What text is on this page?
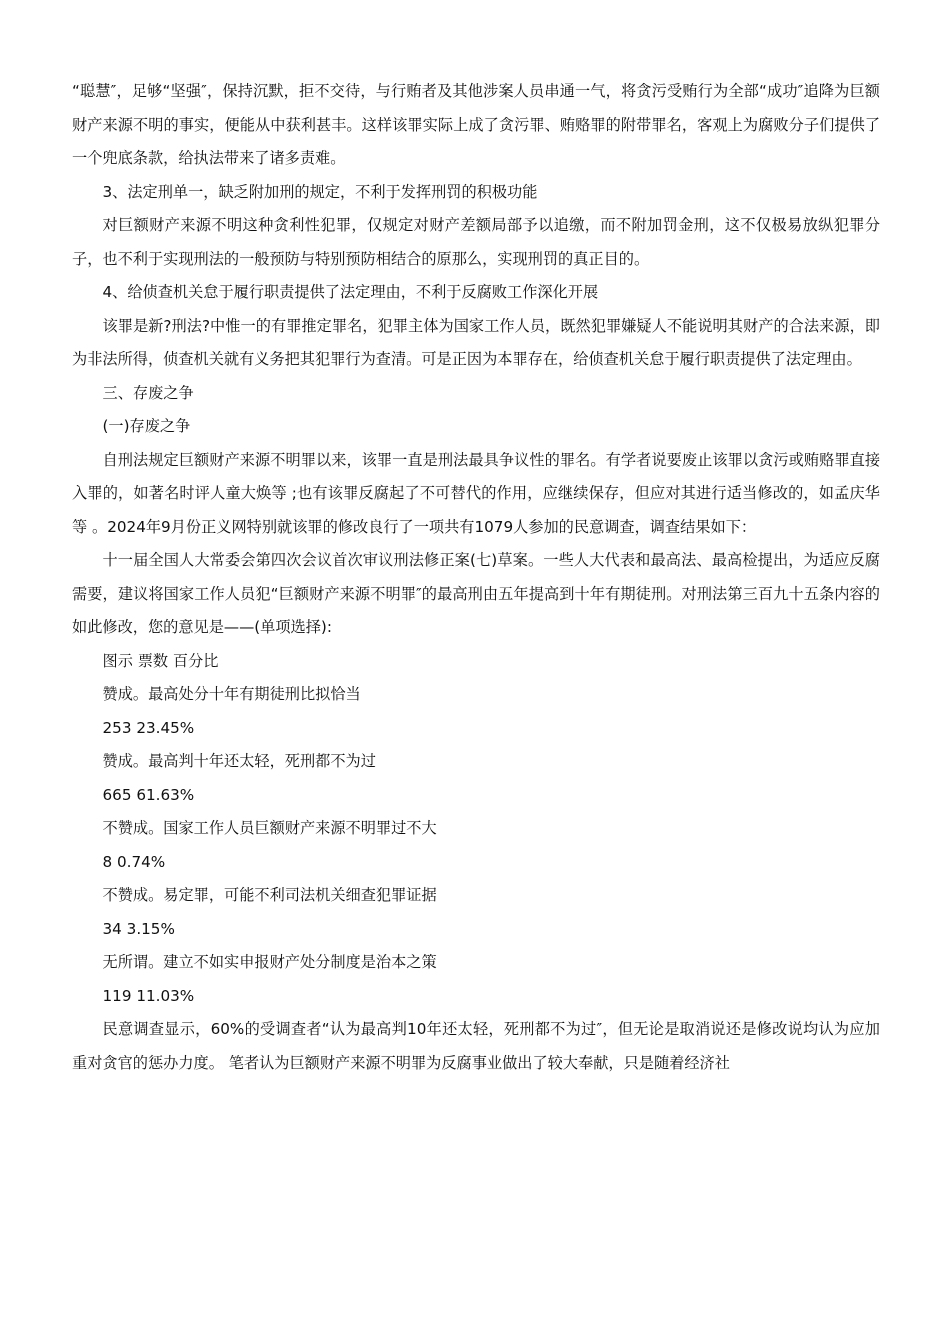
“聪慧″，足够“坚强″，保持沉默，拒不交待，与行贿者及其他涉案人员串通一气，将贪污受贿行为全部“成功″追降为巨额财产来源不明的事实，便能从中获利甚丰。这样该罪实际上成了贪污罪、贿赂罪的附带罪名，客观上为腐败分子们提供了一个兜底条款，给执法带来了诸多责难。

3、法定刑单一，缺乏附加刑的规定，不利于发挥刑罚的积极功能

对巨额财产来源不明这种贪利性犯罪，仅规定对财产差额局部予以追缴，而不附加罚金刑，这不仅极易放纵犯罪分子，也不利于实现刑法的一般预防与特别预防相结合的原那么，实现刑罚的真正目的。

4、给侦查机关怠于履行职责提供了法定理由，不利于反腐败工作深化开展

该罪是新?刑法?中惟一的有罪推定罪名，犯罪主体为国家工作人员，既然犯罪嫌疑人不能说明其财产的合法来源，即为非法所得，侦查机关就有义务把其犯罪行为查清。可是正因为本罪存在，给侦查机关怠于履行职责提供了法定理由。

三、存废之争

(一)存废之争

自刑法规定巨额财产来源不明罪以来，该罪一直是刑法最具争议性的罪名。有学者说要废止该罪以贪污或贿赂罪直接入罪的，如著名时评人童大焕等 ;也有该罪反腐起了不可替代的作用，应继续保存，但应对其进行适当修改的，如孟庆华等 。2024年9月份正义网特别就该罪的修改良行了一项共有1079人参加的民意调查，调查结果如下：

十一届全国人大常委会第四次会议首次审议刑法修正案(七)草案。一些人大代表和最高法、最高检提出，为适应反腐需要，建议将国家工作人员犯“巨额财产来源不明罪″的最高刑由五年提高到十年有期徒刑。对刑法第三百九十五条内容的如此修改，您的意见是——(单项选择):

图示 票数 百分比

赞成。最高处分十年有期徒刑比拟恰当

253 23.45%

赞成。最高判十年还太轻，死刑都不为过

665 61.63%

不赞成。国家工作人员巨额财产来源不明罪过不大

8 0.74%

不赞成。易定罪，可能不利司法机关细查犯罪证据

34 3.15%

无所谓。建立不如实申报财产处分制度是治本之策

119 11.03%

民意调查显示，60%的受调查者“认为最高判10年还太轻，死刑都不为过″，但无论是取消说还是修改说均认为应加重对贪官的惩办力度。 笔者认为巨额财产来源不明罪为反腐事业做出了较大奉献，只是随着经济社
